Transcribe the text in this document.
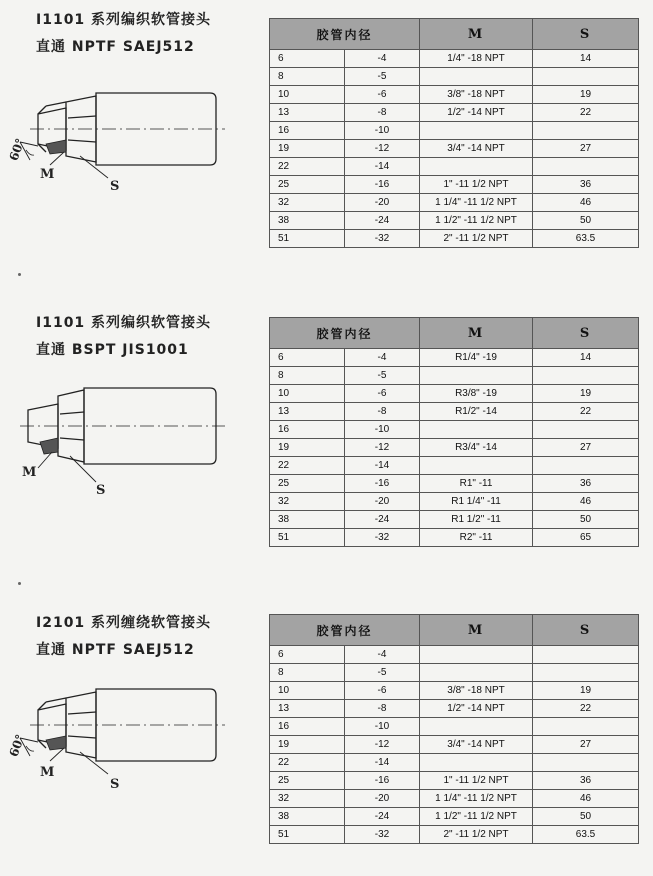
I1101 系列编织软管接头
直通 NPTF SAEJ512
60°
M
S
胶管内径		M	S
6	-4	1/4" -18 NPT	14
8	-5		
10	-6	3/8" -18 NPT	19
13	-8	1/2" -14 NPT	22
16	-10		
19	-12	3/4" -14 NPT	27
22	-14		
25	-16	1" -11 1/2 NPT	36
32	-20	1 1/4" -11 1/2 NPT	46
38	-24	1 1/2" -11 1/2 NPT	50
51	-32	2" -11 1/2 NPT	63.5
I1101 系列编织软管接头
直通 BSPT JIS1001
M
S
胶管内径		M	S
6	-4	R1/4" -19	14
8	-5		
10	-6	R3/8" -19	19
13	-8	R1/2" -14	22
16	-10		
19	-12	R3/4" -14	27
22	-14		
25	-16	R1" -11	36
32	-20	R1 1/4" -11	46
38	-24	R1 1/2" -11	50
51	-32	R2" -11	65
I2101 系列缠绕软管接头
直通 NPTF SAEJ512
60°
M
S
胶管内径		M	S
6	-4		
8	-5		
10	-6	3/8" -18 NPT	19
13	-8	1/2" -14 NPT	22
16	-10		
19	-12	3/4" -14 NPT	27
22	-14		
25	-16	1" -11 1/2 NPT	36
32	-20	1 1/4" -11 1/2 NPT	46
38	-24	1 1/2" -11 1/2 NPT	50
51	-32	2" -11 1/2 NPT	63.5
